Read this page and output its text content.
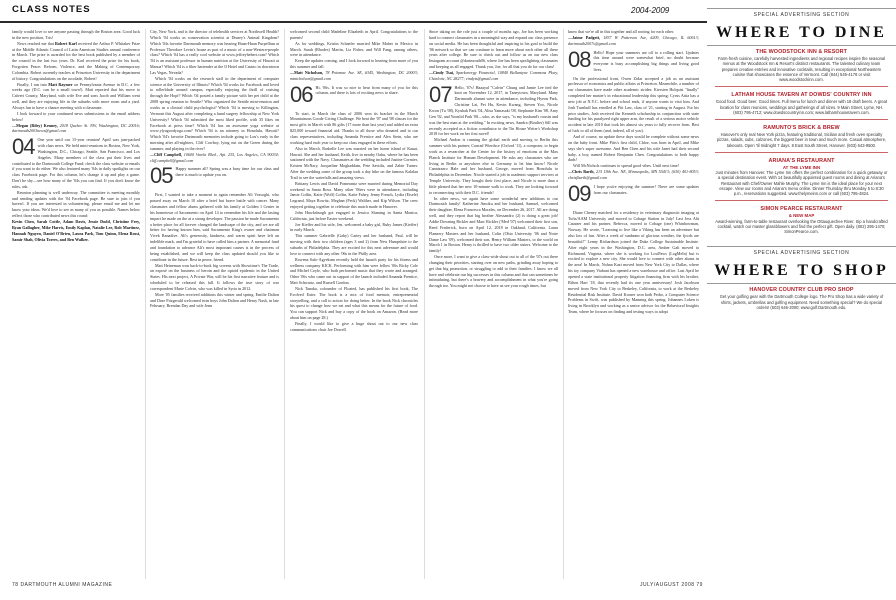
CLASS NOTES	2004-2009

family would love to see anyone passing through the Boston area. Good luck in the new position, Tris!

News reached me that Robert Karl received the Arthur P. Whitaker Prize at the Middle Atlantic Council of Latin American Studies annual conference in March. The prize is awarded for the best book published by a member of the council in the last two years. Dr. Karl received the prize for his book, Forgotten Peace: Reform, Violence, and the Making of Contemporary Colombia. Robert currently teaches at Princeton University in the department of history. Congratulations on the accolade, Robert!

Finally, I ran into Matt Raymer on Pennsylvania Avenue in D.C. a few weeks ago (D.C. can be a small town!). Matt reported that his move to Calvert County, Maryland, with wife Eve and sons Jacob and William went well, and they are enjoying life in the suburbs with more room and a yard. Always fun to have a chance meeting with a classmate.

I look forward to your continued news submissions to the email address below!

—Megan (Riley) Kenney, 2018 Quebec St. NW, Washington, DC 20016; dartmouth2003news@gmail.com

04 One year until our 15-year reunion! April was jam-packed with class news. We held mini-reunions in Boston, New York, Washington, D.C., Chicago, Seattle, San Francisco, and Los Angeles. Many members of the class put their lives and contributed to the Dartmouth College Fund; check the class website or emails if you want to do either. We also featured many '04s in daily spotlights on our class Facebook page. For this column, let's change it up and play a game. Don't be shy—see how many of the '04s you can find. If you don't know the rules, ask.

Reunion planning is well underway. The committee is meeting monthly and sending updates with the '04 Facebook page. Be sure to join if you haven't. If you are interested in volunteering, please email me and let me know your ideas. We'd love to see as many of you as possible. Names below reflect those who contributed news this round:

Kevin Chen, Sarah Cottle, Adam Davis, Jessie Dodd, Christine Frey, Ryan Gallagher, Mike Harris, Emily Kaplan, Natalie Lee, Rob Martinez, Hannah Nguyen, Daniel O'Brien, Laura Park, Tom Quinn, Elena Rossi, Samir Shah, Olivia Torres, and Ben Walker.

City, New York, and is the director of telehealth services at Northwell Health? Which '04 works as conservation scientist at Disney's Animal Kingdom? Which '04s favorite Dartmouth memory was hearing Huan-Huan Purpelliun at Professor Theodore Levin's house as part of a music of a non-Western-people class? Which '04 has a really cool website at www.jeffreyhebert.com? Which '04 is an assistant professor in human nutrition at the University of Hawaii at Manoa? Which '04 is a fiber bartender at the Il Hotel and Casino in downtown Las Vegas, Nevada?

Which '04 works on the research staff in the department of computer science at the University of Illinois? Which '04 works for Facebook and loved to rollerblade around campus, especially enjoying the thrill of cruising through the Hopf? Which '04 posted a family picture with her pet child at the 2008 spring reunion in Seattle? Who organized the Seattle mini-reunion and works as a clinical child psychologist? Which '04 is moving to Killington, Vermont this August after completing a hand surgery fellowship at New York University? Which '04 submitted the most liked profile, with 35 likes on Facebook at press time? Which '04 has an awesome yoga website at www.ylyagoodyoga.com? Which '04 is an attorney in Honolulu, Hawaii? Which '04's favorite Dartmouth memories include going to Lou's early in the morning after all-nighters, Cliff Cowboy, lying out on the Green during the summer, and playing in the river?

—Cliff Campbell, 10600 Varela Blvd., Apt. 235, Los Angeles, CA 90034; cliff.campbell@gmail.com

05 Happy summer all! Spring was a busy time for our class and there is much to update you on.

First, I wanted to take a moment to again remember Ali Vossoghi, who passed away on March 10 after a brief but brave battle with cancer. Many classmates and fellow alums gathered with his family at Golden 1 Center in his hometown of Sacramento on April 14 to remember his life and the lasting impact he made on the at a strong developer. The passion he made Sacramento a better place for all forever changed the landscape of the city, and we are all better for having known him, said Sacramento King's owner and chairman Vivek Ranadive. Ali's generosity, kindness, and warm spirit have left an indelible mark, and I'm grateful to have called him a partner. A memorial fund and foundation to advance Ali's most important causes is in the process of being established, and we will keep the class updated should you like to contribute in the future. Rest in peace, friend.

Matt Heineman won back-to-back big screens with Showtime's The Trade, an exposé on the business of heroin and the opioid epidemic in the United States. His next project, A Private War, will be his first narrative feature and is scheduled to be released this fall. It follows the true story of war correspondent Marie Colvin, who was killed in Syria in 2012.

More '05 families received additions this winter and spring. Emilie Dalton and Drue Fitzgerald welcomed twin boys John Dalton and Henry Nash, in late February. Brendan Day and wife Jenn

welcomed second child Madeline Elizabeth in April. Congratulations to the parents!

As for weddings, Kristin Schaefer married Mike Maher in Mexico in March. Sarah (Rhodes) Martin, Liz Fisher, and Will Fang, among others, were in attendance.

Keep the updates coming, and I look forward to hearing from more of you this summer and fall.

—Matt Nicholson, 78 Potomac Ave. SE, #345, Washington, DC 20003; mtnicholson@gmail.com

06 Hi, '06s. It was so nice to hear from many of you for this column, and there is lots of exciting news to share.

To start, in March the class of 2006 won its bracket in the March Mountainous Goode Giving Challenge. We beat the '07 and '08 classes for the most gifts in March with 86 gifts (17 more than last year) and added an extra $25,000 toward financial aid. Thanks to all those who donated and to our class representatives, including Amanda Prentice and Alex Stein, who are working hard each year to keep our class engaged in these efforts.

Also in March, Rashelle Lee was married on her home island of Kauai, Hawaii. She and her husband, Keith, live in nearby Oahu, where he has been stationed with the Navy. Classmates at the wedding included Justine Cormier, Kristen McNary, Jacqueline Moghaddam, Pete Savidis, and Zabie Turner. After the wedding some of the group took a day hike on the famous Kalalau Trail to see the waterfalls and amazing views.

Brittany Lewis and David Pomerantz were married during Memorial Day weekend in Santa Rosa. Many other '06ers were in attendance, including Jamie Coffin, Katie (Wolf) Coffin, Katie Fahey, Jenny French, Lydia (Eisele) Legrand, Maya Rowitz, Meghan (Peck) Walther, and Kip Wilson. The crew enjoyed getting together to celebrate this match made in Hanover.

John Hawksburgh got engaged to Jessica Sluming in Santa Monica, California, just before Easter weekend.

Joe Kieffer and his wife, Jen, welcomed a baby girl, Ruby James (Kieffer) in early March.

This summer Gabrielle (Gaby) Cartey and her husband, Paul, will be moving with their two children (ages 3 and 2) from New Hampshire to the suburbs of Philadelphia. They are excited for this next adventure and would love to connect with any other '06s in the Philly area.

Rowena Safo-Agyekum recently held the launch party for his fitness and wellness company KICK. Performing with him were fellow '06s Ricky Cole and Michel Coyle, who both performed music that they wrote and arranged. Other '06s who came out in support of the launch included Amanda Prentice, Matt Schwartz, and Russell Gordon.

Nick Tanaka, cofounder of Floated, has published his first book, The Evolved Eater. The book is a mix of food memoir, entrepreneurial storytelling, and a call to action for doing better. In the book Nick chronicles his quest to change how we eat and what this means for the future of food. You can support Nick and buy a copy of the book on Amazon. (Read more about him on page 28.)

Finally, I would like to give a huge shout out to our new class communications chair Joe Dowell

Since taking on the role just a couple of months ago, Joe has been working hard to connect classmates in a meaningful way and expand our class presence on social media. He has been thoughtful and inspiring in his goal to build the '06 network so that we can continue to learn more about each other all these years after college. Be sure to check out and follow us on our new class Instagram account @dartmouth06, where Joe has been spotlighting classmates and keeping us all engaged. Thank you, Joe, for all that you do for our class!

—Cindy Tsai, Sparkenergy Financial, 10840 Ballantyne Commons Pkwy, Charlotte, NC 28277; cindyts@gmail.com

07 Hello, '07s! Haaayal "Calvin" Chung and Jamie Lee tied the knot on November 12, 2017, in Taneytown, Maryland. Many Dartmouth alumni were in attendance, including Hyeon Park, Christine Lai, Pei Hu, Kevin Kwang, Steven Yoo, Nicole Kwon (Tu '08), Kyuhak Park '04, Alisa Yamasaki '08, Stephanie Kim '08, Amy Gen '02, and Yoonlid Park '08—who, as she says, "is my husband's cousin and was the best man at the wedding." In exciting news, Sandra (Boulier) Sill was recently accepted as a fiction contributor to the Tin House Writer's Workshop 2018 for her work on her first novel!

Michael Andon is running the global earth and moving to Berlin this summer with his partner, Conrad Wierdsce (Oxford '11), a composer, to begin work as a researcher at the Center for the history of emotions at the Max Planck Institute for Human Development. He asks any classmates who are living in Berlin or anywhere else in Germany to let him know! Nicole Cannizzaro Hale and her husband, George, moved from Honolulu to Philadelphia in December. Nicole started a job in academic support services at Temple University. They bought their first place, and Nicole is more than a little pleased that her new 10-minute walk to work. They are looking forward to reconnecting with their D.C. friends!

In other news, we again have some wonderful new additions to our Dartmouth family! Katherine Amoku and her husband, Samuel, welcomed their daughter, Elena Francesca Morales, on December 26, 2017. All are doing well, and they report that big brother Alessandro (2) is doing a great job! Addie Downing Rickler and Marc Rickler ('Med '07) welcomed their first son, Reed Frederick, born on April 12, 2018 in Oakland, California. Laura Flannery Masters and her husband, Colin (Ohio University '06 and Notre Dame Law '09), welcomed their son, Henry William Masters, to the world on March 1 in Boston. Henry is thrilled to have two older sisters. Welcome to the family!

Once more, I want to give a class-wide shout out to all of the '07s out there changing their priorities, starting over on new paths, grinding away hoping to get that big promotion, or struggling to add to their families. I know we all have and celebrate our big successes in this column and that can sometimes be intimidating, but there's a bravery and accomplishment in what you're going through too. You might not choose to have us see your rough times, but

know that we're all in this together and all rooting for each other.

—Jaime Padgett, 1837 W Patterson Ave, #209, Chicago, IL 60613; dartmouth2007s@gmail.com

08 Hello! Hope your summers are off to a rolling start. Updates this time around were somewhat brief, no doubt because everyone is busy accomplishing big things and living good lives.

On the professional front, Owen Zidar accepted a job as an assistant professor of economics and public affairs at Princeton. Meanwhile, a number of our classmates have made other academic strides: Kiersten Holquist "finally" completed her master's in educational leadership this spring; Cyrus Attia has a new job at N.Y.C. before and school ends, if anyone wants to visit him. And Josh Turnbull has enrolled at Pitt Law, class of '21, starting in August. For his prior studies, Josh received the Kenneth scholarship in conjunction with state funding for his paralyzed right upper arm, the result of a serious motor vehicle accident in late 2010 that took his almost six years to fully recover from. Best of luck to all of them (and, indeed, all of you).

And of course, no update these days would be complete without some news on the baby front. Mike Pitts's first child, Chloe, was born in April, and Mike says she's super awesome. And Ben Chen and his wife Janet had their second baby, a boy, named Robert Benjamin Chen. Congratulations to both happy dads!

Will McNichols continues to spread good vibes. Until next time!

—Chris Barth, 215 18th Ave. NE, Minneapolis, MN 55413; (630) 401-8053; chrisfbarth@gmail.com

09 I hope you're enjoying the summer! There are some updates from our classmates.

Diane Cheney matched for a residency in veterinary diagnostic imaging at Tufts/AAM University and moved to Cobage Station in July! Last Jess Ahi Causner and his partner, Rebecca, moved to Cobage (one) Whinhowman, Norway. He wrote, "Learning to live like a Viking has been an adventure but also lots of fun. After a week of sunbeam of glorious weather, the fjords are beautiful!" Lenny Richardson joined the Duke College Sustainable Insitute. After eight years in the Washington, D.C. area, Amber Galt moved to Richmond, Virginia, where she is working for LostPaws (LogMeIn) but is excited to explore a new city. She would love to connect with other alums in the area! In March, Nohan Kazi moved from New York City to Dallas, where his toy company Viabant has opened a new warehouse and office. Last April he opened a state institutional property litigation financing firm with his brother, Bilton Hart '18, that recently had its one year anniversary! Josh Jacobson moved from New York City to Berkeley, California, to work at the Berkeley Residential Risk Institute. David Kroner won both Pedro, a Computer Science Problems in Swift, was published by Manning this spring. Johannes Loken is living in Brooklyn and working as a senior advisor for the Behavioral Insights Team, where he focuses on finding and testing ways to adopt

SPECIAL ADVERTISING SECTION
WHERE TO DINE
THE WOODSTOCK INN & RESORT
Farm-fresh cuisine, carefully harvested ingredients and regional recipes inspire the seasonal menus at the Woodstock Inn & Resort's distinct restaurants. The talented culinary team prepares creative entrées and innovative cocktails, resulting in exceptional Northeastern cuisine that showcases the essence of Vermont. Call (844) 545-4178 or visit www.woodstockinn.com.
LATHAM HOUSE TAVERN AT DOWDS' COUNTRY INN
Good food. Good beer. Good times. Full menu for lunch and dinner with 18 draft beers. A great location for class reunions, weddings and gatherings of all sizes. 9 Main Street, Lyme, NH. (603) 795-4712; www.dowdscountryinn.com; www.lathamhousetavern.com.
RAMUNTO'S BRICK & BREW
Hanover's only real New York pizza, featuring traditional, Sicilian and fresh oven specialty pizzas, salads, subs, calzones, the biggest beer in town and much more. Casual atmosphere, takeouts. Open 'til midnight 7 days. 8 East South Street, Hanover. (603) 643-9500.
ARIANA'S RESTAURANT
AT THE LYME INN
Just minutes from Hanover. The Lyme Inn offers the perfect combination for a quick getaway or a special destination event. With 14 beautifully appointed guest rooms and dining at Ariana's Restaurant with Chef/Owner Mahle Murphy. The Lyme Inn is the ideal place for your next escape. View our rooms and Ariana's menu online. Dinner Thursday thru Monday 5 to 8:30 p.m., reservations suggested. www.thelymeinn.com or call (603) 795-4824.
SIMON PEARCE RESTAURANT
& NEW MAP
Award-winning, farm-to-table restaurant overlooking the Ottauquechee River. Sip a handcrafted cocktail, watch our master glassblowers and find the perfect gift. Open daily. (802) 295-1470; SimonPearce.com.
SPECIAL ADVERTISING SECTION
WHERE TO SHOP
HANOVER COUNTRY CLUB PRO SHOP
Get your golfing gear with the Dartmouth College logo. The Pro Shop has a wide variety of shirts, jackets, umbrellas and golfing equipment. Need something special? We do special orders! (603) 646-2000; www.golf.Dartmouth.edu.
78 DARTMOUTH ALUMNI MAGAZINE	JULY/AUGUST 2008 79
